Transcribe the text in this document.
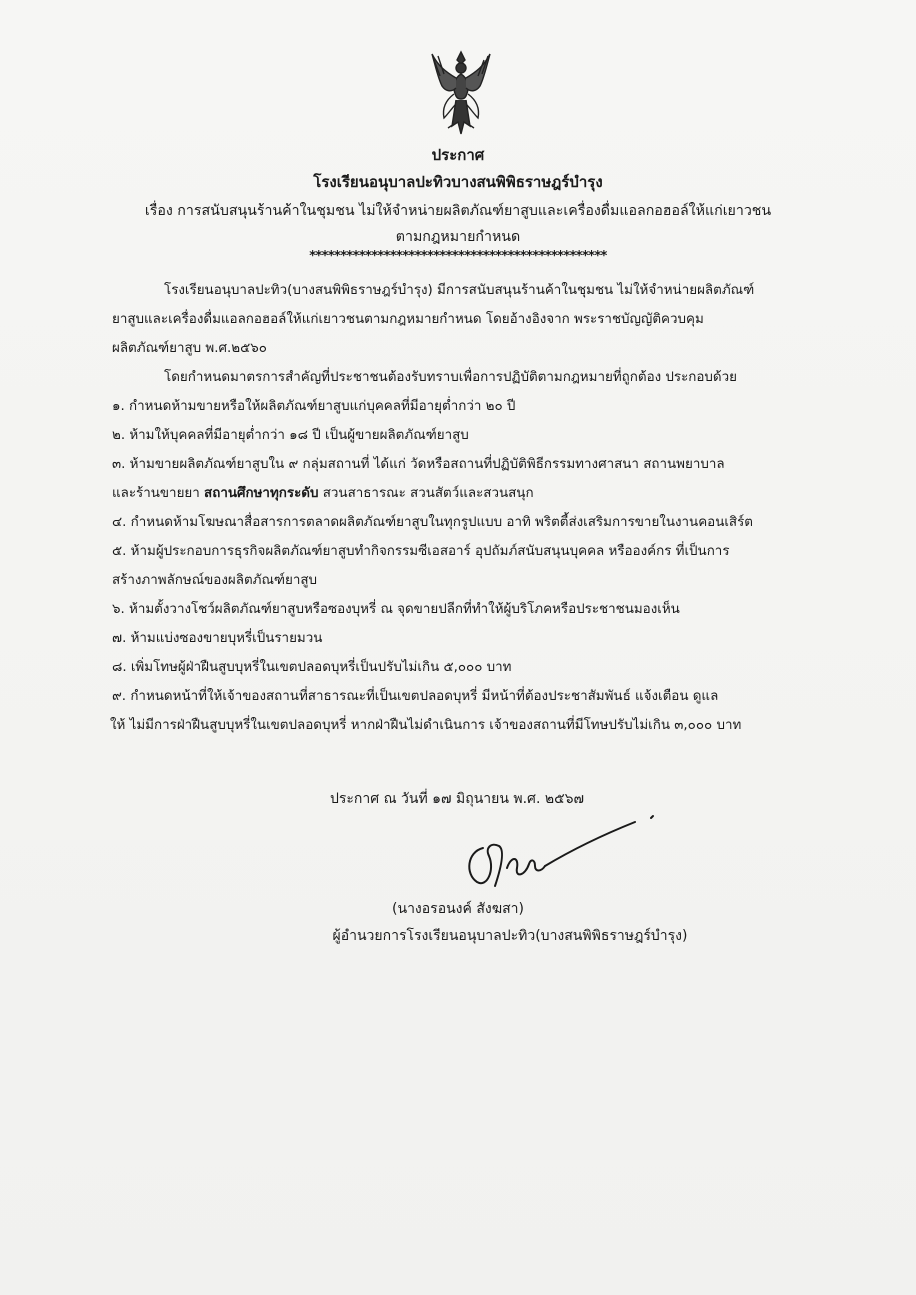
ประกาศ
โรงเรียนอนุบาลปะทิวบางสนพิพิธราษฎร์บำรุง
เรื่อง การสนับสนุนร้านค้าในชุมชน ไม่ให้จำหน่ายผลิตภัณฑ์ยาสูบและเครื่องดื่มแอลกอฮอล์ให้แก่เยาวชน
ตามกฎหมายกำหนด
************************************************
โรงเรียนอนุบาลปะทิว(บางสนพิพิธราษฎร์บำรุง) มีการสนับสนุนร้านค้าในชุมชน ไม่ให้จำหน่ายผลิตภัณฑ์
ยาสูบและเครื่องดื่มแอลกอฮอล์ให้แก่เยาวชนตามกฎหมายกำหนด โดยอ้างอิงจาก พระราชบัญญัติควบคุม
ผลิตภัณฑ์ยาสูบ พ.ศ.๒๕๖๐
โดยกำหนดมาตรการสำคัญที่ประชาชนต้องรับทราบเพื่อการปฏิบัติตามกฎหมายที่ถูกต้อง ประกอบด้วย
๑. กำหนดห้ามขายหรือให้ผลิตภัณฑ์ยาสูบแก่บุคคลที่มีอายุต่ำกว่า ๒๐ ปี
๒. ห้ามให้บุคคลที่มีอายุต่ำกว่า ๑๘ ปี เป็นผู้ขายผลิตภัณฑ์ยาสูบ
๓. ห้ามขายผลิตภัณฑ์ยาสูบใน ๙ กลุ่มสถานที่ ได้แก่ วัดหรือสถานที่ปฏิบัติพิธีกรรมทางศาสนา สถานพยาบาล
และร้านขายยา สถานศึกษาทุกระดับ สวนสาธารณะ สวนสัตว์และสวนสนุก
๔. กำหนดห้ามโฆษณาสื่อสารการตลาดผลิตภัณฑ์ยาสูบในทุกรูปแบบ อาทิ พริตตี้ส่งเสริมการขายในงานคอนเสิร์ต
๕. ห้ามผู้ประกอบการธุรกิจผลิตภัณฑ์ยาสูบทำกิจกรรมซีเอสอาร์ อุปถัมภ์สนับสนุนบุคคล หรือองค์กร ที่เป็นการ
สร้างภาพลักษณ์ของผลิตภัณฑ์ยาสูบ
๖. ห้ามตั้งวางโชว์ผลิตภัณฑ์ยาสูบหรือซองบุหรี่ ณ จุดขายปลีกที่ทำให้ผู้บริโภคหรือประชาชนมองเห็น
๗. ห้ามแบ่งซองขายบุหรี่เป็นรายมวน
๘. เพิ่มโทษผู้ฝ่าฝืนสูบบุหรี่ในเขตปลอดบุหรี่เป็นปรับไม่เกิน ๕,๐๐๐ บาท
๙. กำหนดหน้าที่ให้เจ้าของสถานที่สาธารณะที่เป็นเขตปลอดบุหรี่ มีหน้าที่ต้องประชาสัมพันธ์ แจ้งเตือน ดูแล
ให้ ไม่มีการฝ่าฝืนสูบบุหรี่ในเขตปลอดบุหรี่ หากฝ่าฝืนไม่ดำเนินการ เจ้าของสถานที่มีโทษปรับไม่เกิน ๓,๐๐๐ บาท
ประกาศ ณ วันที่ ๑๗ มิถุนายน พ.ศ. ๒๕๖๗
(นางอรอนงค์ สังฆสา)
ผู้อำนวยการโรงเรียนอนุบาลปะทิว(บางสนพิพิธราษฎร์บำรุง)
